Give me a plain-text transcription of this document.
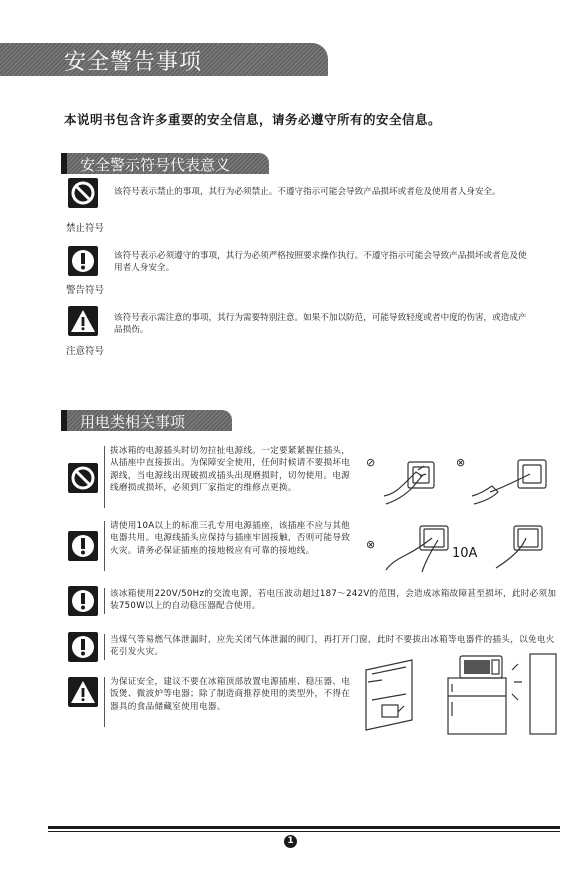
安全警告事项
本说明书包含许多重要的安全信息，请务必遵守所有的安全信息。
安全警示符号代表意义
该符号表示禁止的事项，其行为必须禁止。不遵守指示可能会导致产品损坏或者危及使用者人身安全。
禁止符号
该符号表示必须遵守的事项，其行为必须严格按照要求操作执行。不遵守指示可能会导致产品损坏或者危及使用者人身安全。
警告符号
该符号表示需注意的事项，其行为需要特别注意。如果不加以防范，可能导致轻度或者中度的伤害，或造成产品损伤。
注意符号
用电类相关事项
拔冰箱的电源插头时切勿拉扯电源线。一定要紧紧握住插头，从插座中直接拔出。为保障安全使用，任何时候请不要损坏电源线，当电源线出现破损或插头出现磨损时，切勿使用。电源线磨损或损坏，必须到厂家指定的维修点更换。
⊘	⊗
请使用10A以上的标准三孔专用电源插座，该插座不应与其他电器共用。电源线插头应保持与插座牢固接触，否则可能导致火灾。请务必保证插座的接地极应有可靠的接地线。	⊗
10A
该冰箱使用220V/50Hz的交流电源，若电压波动超过187～242V的范围，会造成冰箱故障甚至损坏，此时必须加装750W以上的自动稳压器配合使用。
当煤气等易燃气体泄漏时，应先关闭气体泄漏的阀门，再打开门窗，此时不要拔出冰箱等电器件的插头，以免电火花引发火灾。
为保证安全，建议不要在冰箱顶部放置电源插座、稳压器、电饭煲、微波炉等电器；除了制造商推荐使用的类型外，不得在器具的食品储藏室使用电器。
1
